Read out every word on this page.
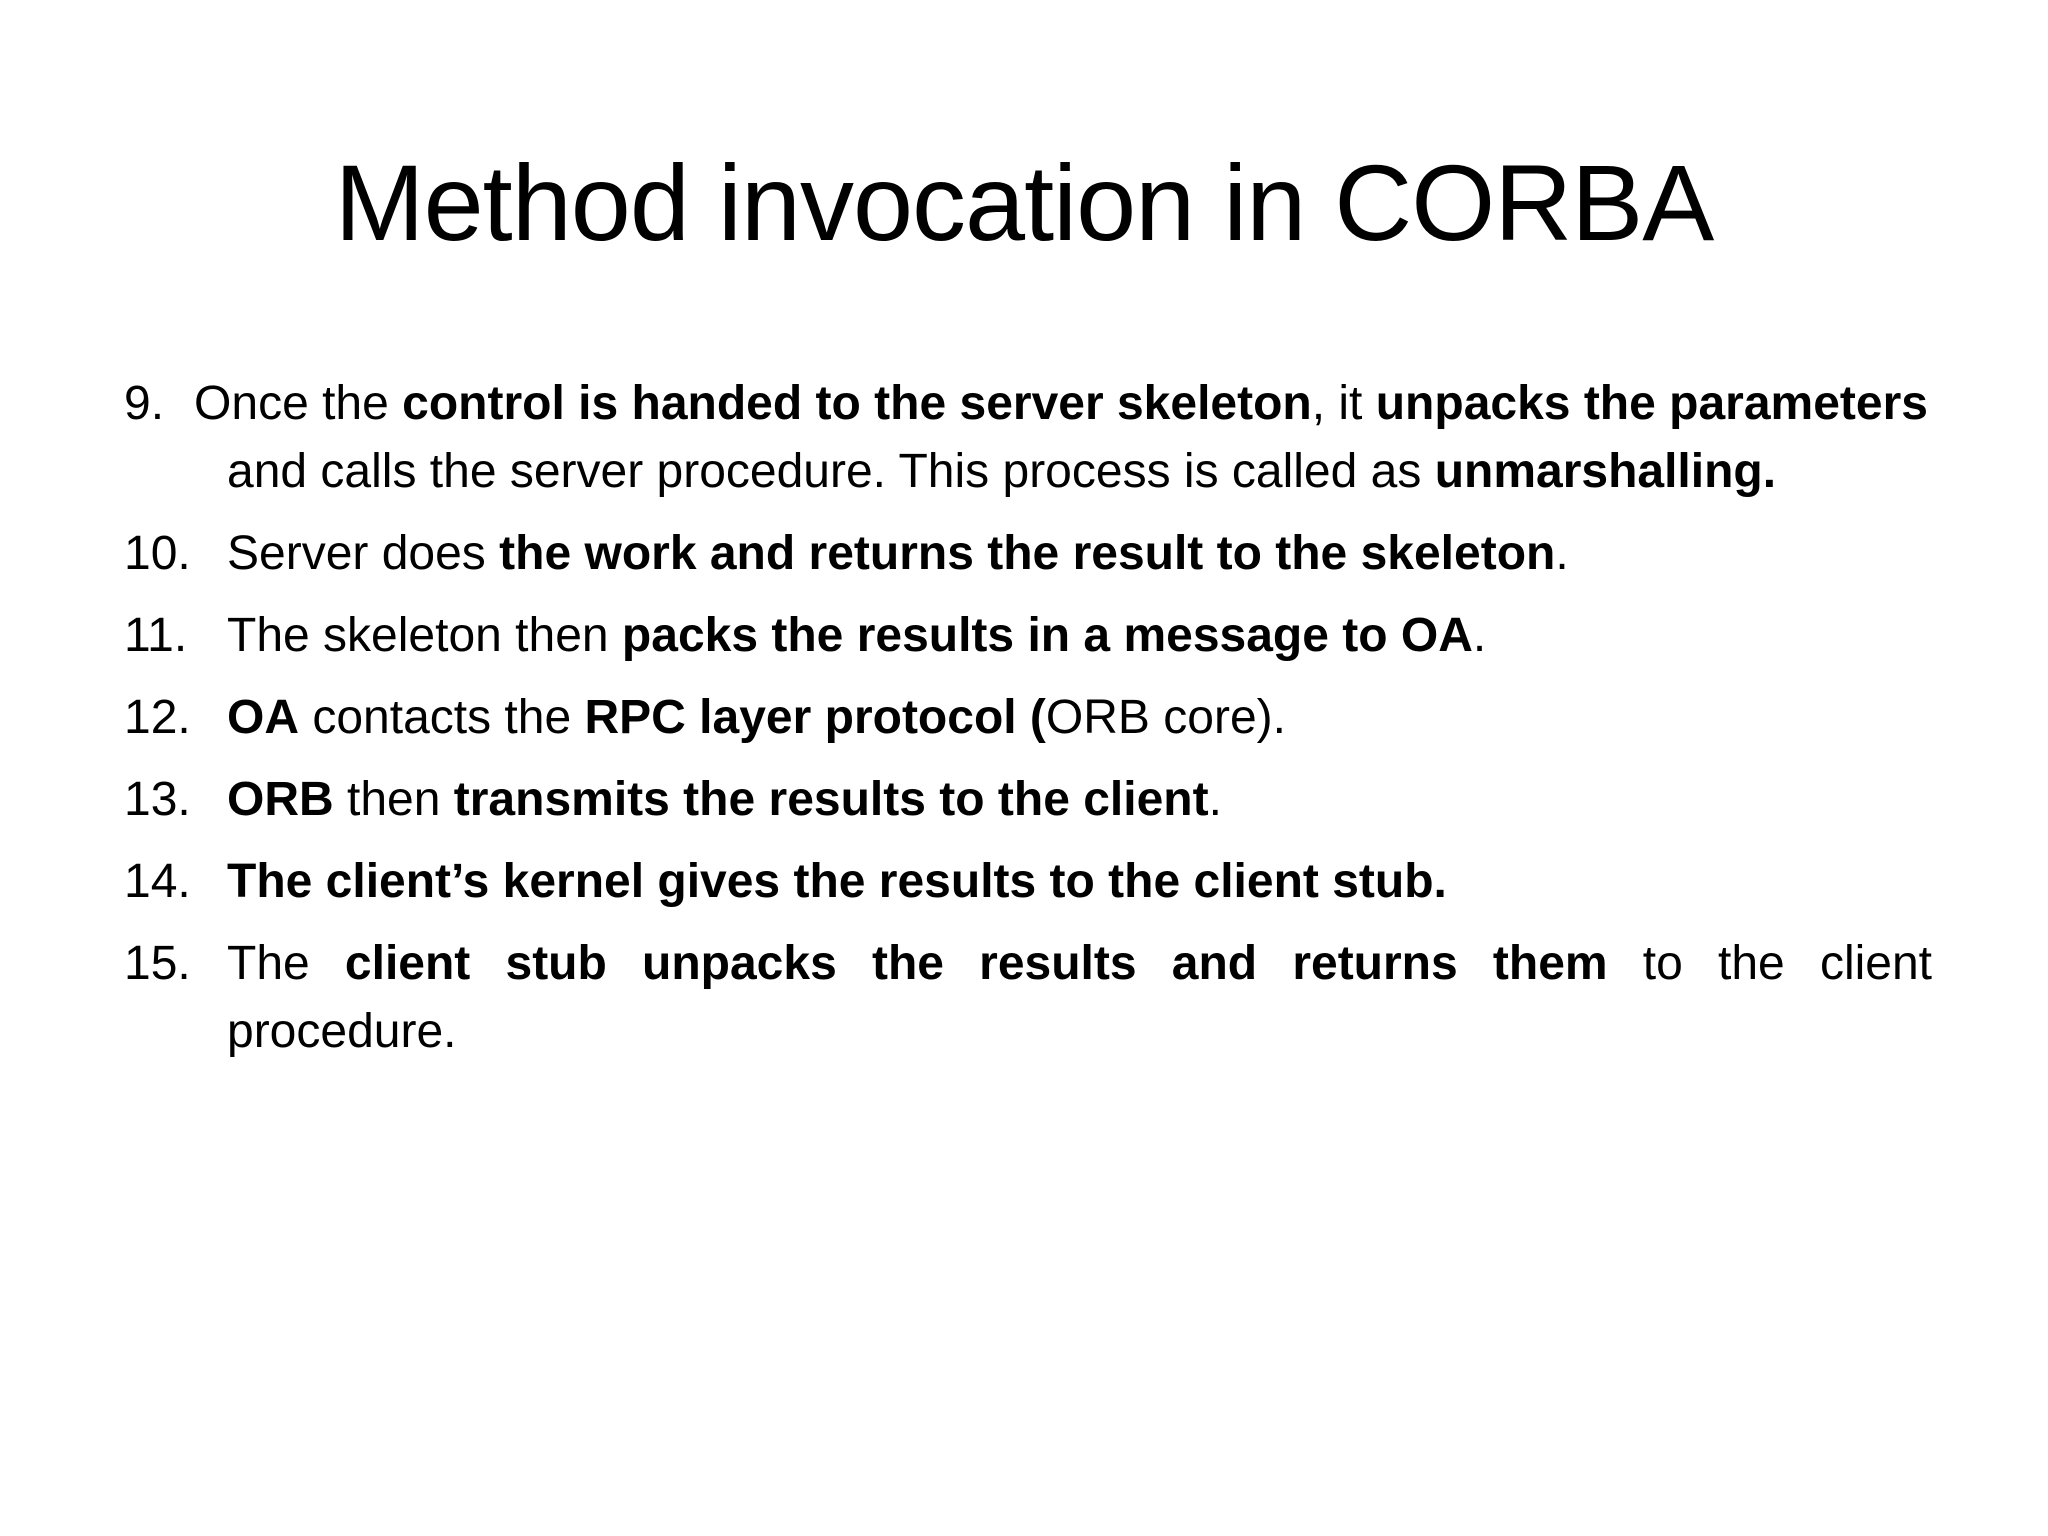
Method invocation in CORBA
9. Once the control is handed to the server skeleton, it unpacks the parameters and calls the server procedure. This process is called as unmarshalling.
10. Server does the work and returns the result to the skeleton.
11. The skeleton then packs the results in a message to OA.
12. OA contacts the RPC layer protocol (ORB core).
13. ORB then transmits the results to the client.
14. The client’s kernel gives the results to the client stub.
15. The client stub unpacks the results and returns them to the client procedure.
